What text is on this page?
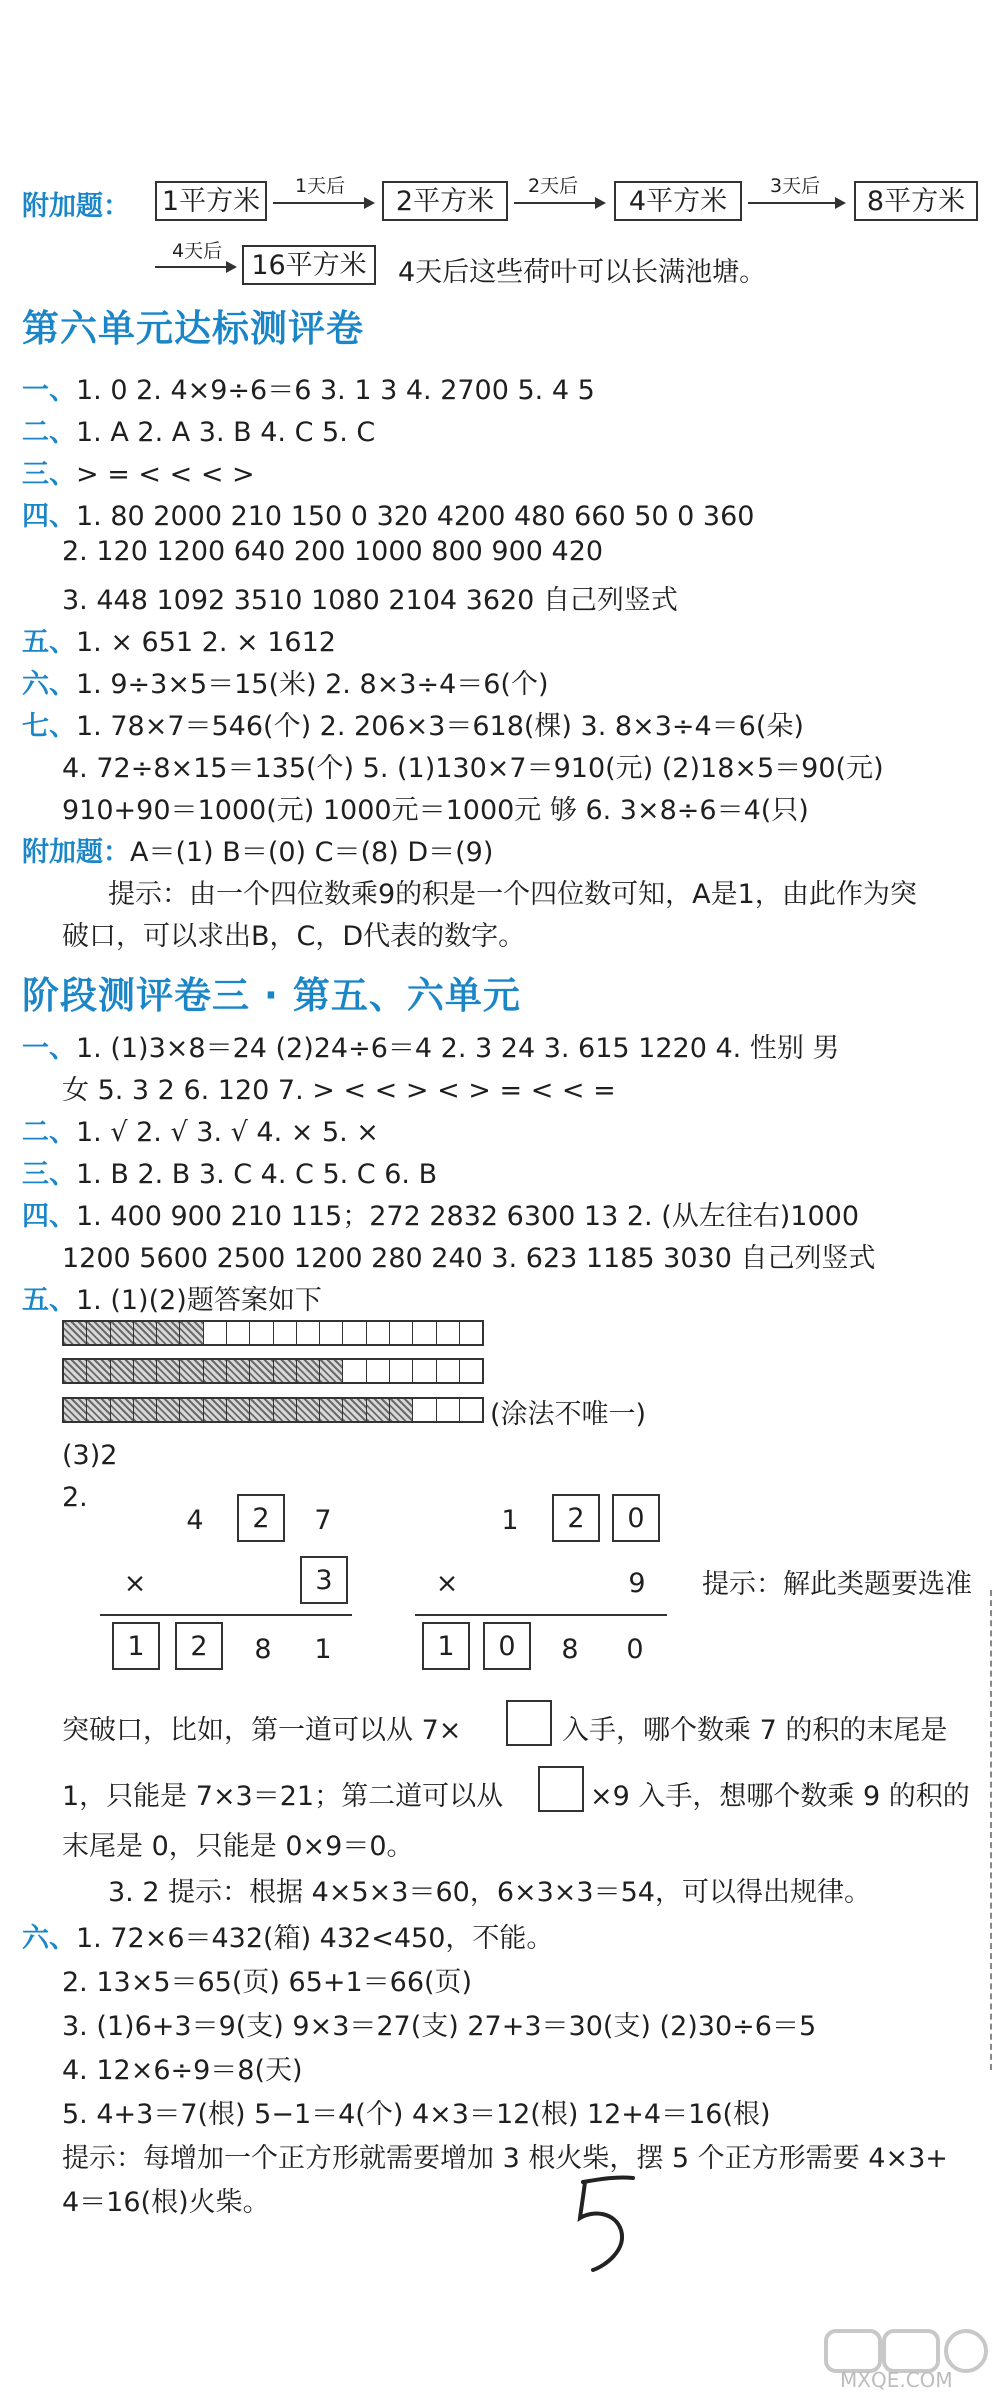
附加题： 1平方米	1天后	2平方米	2天后	4平方米	3天后	8平方米
4天后	16平方米	4天后这些荷叶可以长满池塘。
第六单元达标测评卷
一、1. 0 2. 4×9÷6＝6 3. 1 3 4. 2700 5. 4 5
二、1. A 2. A 3. B 4. C 5. C
三、> = < < < >
四、1. 80 2000 210 150 0 320 4200 480 660 50 0 360
2. 120 1200 640 200 1000 800 900 420
3. 448 1092 3510 1080 2104 3620 自己列竖式
五、1. × 651 2. × 1612
六、1. 9÷3×5＝15(米) 2. 8×3÷4＝6(个)
七、1. 78×7＝546(个) 2. 206×3＝618(棵) 3. 8×3÷4＝6(朵)
4. 72÷8×15＝135(个) 5. (1)130×7＝910(元) (2)18×5＝90(元)
910+90＝1000(元) 1000元＝1000元 够 6. 3×8÷6＝4(只)
附加题：A＝(1) B＝(0) C＝(8) D＝(9)
提示：由一个四位数乘9的积是一个四位数可知，A是1，由此作为突
破口，可以求出B，C，D代表的数字。
阶段测评卷三 · 第五、六单元
一、1. (1)3×8＝24 (2)24÷6＝4 2. 3 24 3. 615 1220 4. 性别 男
女 5. 3 2 6. 120 7. > < < > < > = < < =
二、1. √ 2. √ 3. √ 4. × 5. ×
三、1. B 2. B 3. C 4. C 5. C 6. B
四、1. 400 900 210 115；272 2832 6300 13 2. (从左往右)1000
1200 5600 2500 1200 280 240 3. 623 1185 3030 自己列竖式
五、1. (1)(2)题答案如下
(涂法不唯一)
(3)2
2.
4	2	7
×	3
1	2	8 1
1	2	0
×	9
1	0	8 0
提示：解此类题要选准
突破口，比如，第一道可以从 7×	入手，哪个数乘 7 的积的末尾是
1，只能是 7×3＝21；第二道可以从	×9 入手，想哪个数乘 9 的积的
末尾是 0，只能是 0×9＝0。
3. 2 提示：根据 4×5×3＝60，6×3×3＝54，可以得出规律。
六、1. 72×6＝432(箱) 432<450，不能。
2. 13×5＝65(页) 65+1＝66(页)
3. (1)6+3＝9(支) 9×3＝27(支) 27+3＝30(支) (2)30÷6＝5
4. 12×6÷9＝8(天)
5. 4+3＝7(根) 5−1＝4(个) 4×3＝12(根) 12+4＝16(根)
提示：每增加一个正方形就需要增加 3 根火柴，摆 5 个正方形需要 4×3+
4＝16(根)火柴。
MXQE.COM
